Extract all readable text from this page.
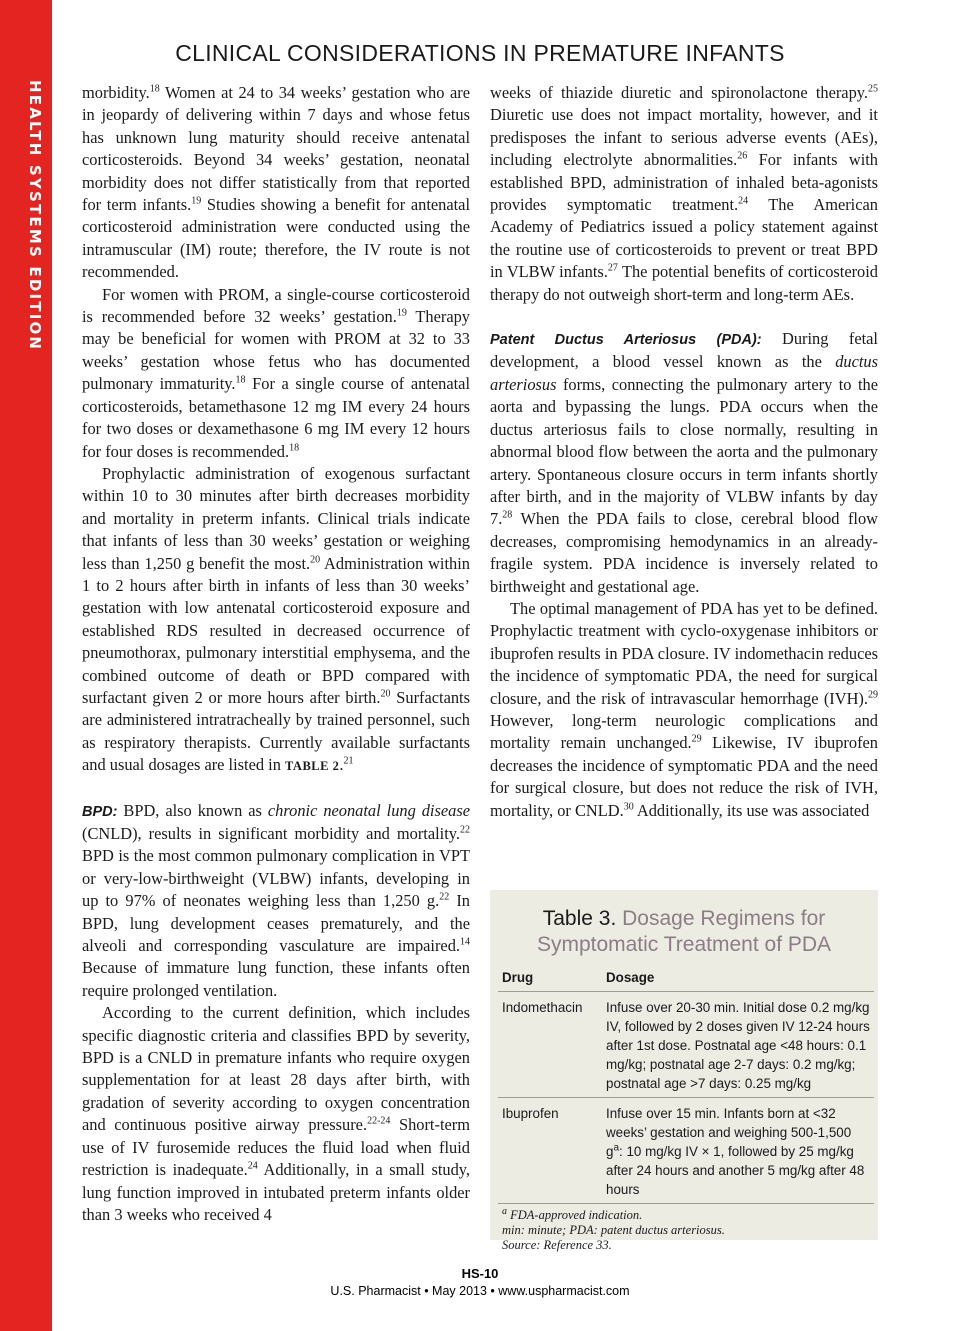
HEALTH SYSTEMS EDITION
CLINICAL CONSIDERATIONS IN PREMATURE INFANTS

morbidity.$^{18}$ Women at 24 to 34 weeks’ gestation who are in jeopardy of delivering within 7 days and whose fetus has unknown lung maturity should receive antenatal corticosteroids. Beyond 34 weeks’ gestation, neonatal morbidity does not differ statistically from that reported for term infants.$^{19}$ Studies showing a benefit for antenatal corticosteroid administration were conducted using the intramuscular (IM) route; therefore, the IV route is not recommended.

For women with PROM, a single-course corticosteroid is recommended before 32 weeks’ gestation.$^{19}$ Therapy may be beneficial for women with PROM at 32 to 33 weeks’ gestation whose fetus who has documented pulmonary immaturity.$^{18}$ For a single course of antenatal corticosteroids, betamethasone 12 mg IM every 24 hours for two doses or dexamethasone 6 mg IM every 12 hours for four doses is recommended.$^{18}$

Prophylactic administration of exogenous surfactant within 10 to 30 minutes after birth decreases morbidity and mortality in preterm infants. Clinical trials indicate that infants of less than 30 weeks’ gestation or weighing less than 1,250 g benefit the most.$^{20}$ Administration within 1 to 2 hours after birth in infants of less than 30 weeks’ gestation with low antenatal corticosteroid exposure and established RDS resulted in decreased occurrence of pneumothorax, pulmonary interstitial emphysema, and the combined outcome of death or BPD compared with surfactant given 2 or more hours after birth.$^{20}$ Surfactants are administered intratracheally by trained personnel, such as respiratory therapists. Currently available surfactants and usual dosages are listed in TABLE 2.21

BPD: BPD, also known as chronic neonatal lung disease (CNLD), results in significant morbidity and mortality.$^{22}$ BPD is the most common pulmonary complication in VPT or very-low-birthweight (VLBW) infants, developing in up to 97% of neonates weighing less than 1,250 g.$^{22}$ In BPD, lung development ceases prematurely, and the alveoli and corresponding vasculature are impaired.$^{14}$ Because of immature lung function, these infants often require prolonged ventilation.

According to the current definition, which includes specific diagnostic criteria and classifies BPD by severity, BPD is a CNLD in premature infants who require oxygen supplementation for at least 28 days after birth, with gradation of severity according to oxygen concentration and continuous positive airway pressure.$^{22-24}$ Short-term use of IV furosemide reduces the fluid load when fluid restriction is inadequate.$^{24}$ Additionally, in a small study, lung function improved in intubated preterm infants older than 3 weeks who received 4

weeks of thiazide diuretic and spironolactone therapy.$^{25}$ Diuretic use does not impact mortality, however, and it predisposes the infant to serious adverse events (AEs), including electrolyte abnormalities.$^{26}$ For infants with established BPD, administration of inhaled beta-agonists provides symptomatic treatment.$^{24}$ The American Academy of Pediatrics issued a policy statement against the routine use of corticosteroids to prevent or treat BPD in VLBW infants.$^{27}$ The potential benefits of corticosteroid therapy do not outweigh short-term and long-term AEs.

Patent Ductus Arteriosus (PDA): During fetal development, a blood vessel known as the ductus arteriosus forms, connecting the pulmonary artery to the aorta and bypassing the lungs. PDA occurs when the ductus arteriosus fails to close normally, resulting in abnormal blood flow between the aorta and the pulmonary artery. Spontaneous closure occurs in term infants shortly after birth, and in the majority of VLBW infants by day 7.28 When the PDA fails to close, cerebral blood flow decreases, compromising hemodynamics in an already-fragile system. PDA incidence is inversely related to birthweight and gestational age.

The optimal management of PDA has yet to be defined. Prophylactic treatment with cyclo-oxygenase inhibitors or ibuprofen results in PDA closure. IV indomethacin reduces the incidence of symptomatic PDA, the need for surgical closure, and the risk of intravascular hemorrhage (IVH).$^{29}$ However, long-term neurologic complications and mortality remain unchanged.$^{29}$ Likewise, IV ibuprofen decreases the incidence of symptomatic PDA and the need for surgical closure, but does not reduce the risk of IVH, mortality, or CNLD.$^{30}$ Additionally, its use was associated

Table 3. Dosage Regimens for Symptomatic Treatment of PDA
Drug	Dosage
Indomethacin	Infuse over 20-30 min. Initial dose 0.2 mg/kg IV, followed by 2 doses given IV 12-24 hours after 1st dose. Postnatal age <48 hours: 0.1 mg/kg; postnatal age 2-7 days: 0.2 mg/kg; postnatal age >7 days: 0.25 mg/kg
Ibuprofen	Infuse over 15 min. Infants born at <32 weeks’ gestation and weighing 500-1,500 $g^a$: 10 mg/kg IV × 1, followed by 25 mg/kg after 24 hours and another 5 mg/kg after 48 hours
$^a$ FDA-approved indication.
min: minute; PDA: patent ductus arteriosus.
Source: Reference 33.
HS-10
U.S. Pharmacist • May 2013 • www.uspharmacist.com
